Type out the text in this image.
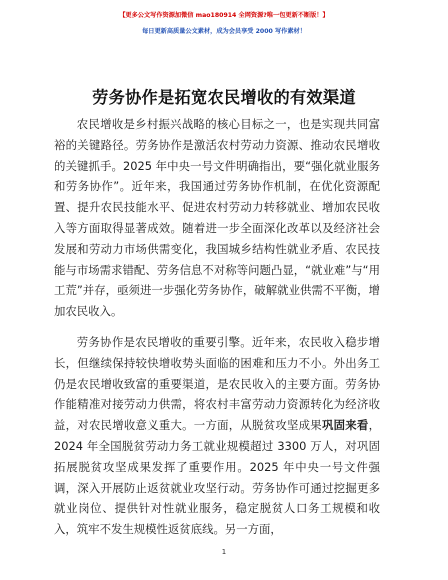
【更多公文写作资源加微信 mao180914 全网资源?唯一包更新不断版！】
每日更新高质量公文素材，成为会员享受 2000 写作素材！
劳务协作是拓宽农民增收的有效渠道

农民增收是乡村振兴战略的核心目标之一，也是实现共同富裕的关键路径。劳务协作是激活农村劳动力资源、推动农民增收的关键抓手。2025 年中央一号文件明确指出，要“强化就业服务和劳务协作”。近年来，我国通过劳务协作机制，在优化资源配置、提升农民技能水平、促进农村劳动力转移就业、增加农民收入等方面取得显著成效。随着进一步全面深化改革以及经济社会发展和劳动力市场供需变化，我国城乡结构性就业矛盾、农民技能与市场需求错配、劳务信息不对称等问题凸显，“就业难”与“用工荒”并存，亟须进一步强化劳务协作，破解就业供需不平衡，增加农民收入。

劳务协作是农民增收的重要引擎。近年来，农民收入稳步增长，但继续保持较快增收势头面临的困难和压力不小。外出务工仍是农民增收致富的重要渠道，是农民收入的主要方面。劳务协作能精准对接劳动力供需，将农村丰富劳动力资源转化为经济收益，对农民增收意义重大。一方面，从脱贫攻坚成果巩固来看，2024 年全国脱贫劳动力务工就业规模超过 3300 万人，对巩固拓展脱贫攻坚成果发挥了重要作用。2025 年中央一号文件强调，深入开展防止返贫就业攻坚行动。劳务协作可通过挖掘更多就业岗位、提供针对性就业服务，稳定脱贫人口务工规模和收入，筑牢不发生规模性返贫底线。另一方面，

1
